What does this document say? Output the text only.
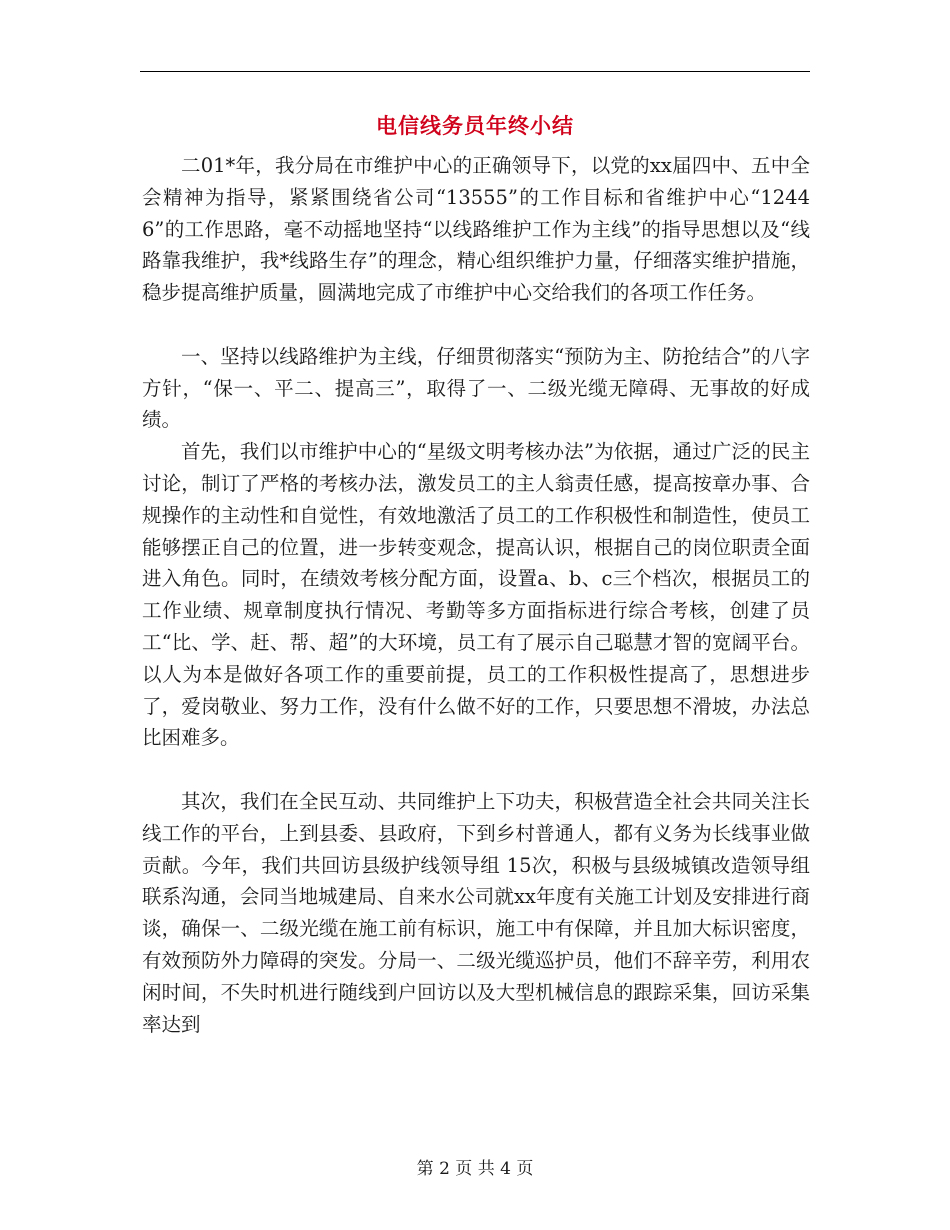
电信线务员年终小结

二01*年，我分局在市维护中心的正确领导下，以党的xx届四中、五中全会精神为指导，紧紧围绕省公司“13555”的工作目标和省维护中心“12446”的工作思路，毫不动摇地坚持“以线路维护工作为主线”的指导思想以及“线路靠我维护，我*线路生存”的理念，精心组织维护力量，仔细落实维护措施，稳步提高维护质量，圆满地完成了市维护中心交给我们的各项工作任务。

一、坚持以线路维护为主线，仔细贯彻落实“预防为主、防抢结合”的八字方针，“保一、平二、提高三”，取得了一、二级光缆无障碍、无事故的好成绩。

首先，我们以市维护中心的“星级文明考核办法”为依据，通过广泛的民主讨论，制订了严格的考核办法，激发员工的主人翁责任感，提高按章办事、合规操作的主动性和自觉性，有效地激活了员工的工作积极性和制造性，使员工能够摆正自己的位置，进一步转变观念，提高认识，根据自己的岗位职责全面进入角色。同时，在绩效考核分配方面，设置a、b、c三个档次，根据员工的工作业绩、规章制度执行情况、考勤等多方面指标进行综合考核，创建了员工“比、学、赶、帮、超”的大环境，员工有了展示自己聪慧才智的宽阔平台。以人为本是做好各项工作的重要前提，员工的工作积极性提高了，思想进步了，爱岗敬业、努力工作，没有什么做不好的工作，只要思想不滑坡，办法总比困难多。

其次，我们在全民互动、共同维护上下功夫，积极营造全社会共同关注长线工作的平台，上到县委、县政府，下到乡村普通人，都有义务为长线事业做贡献。今年，我们共回访县级护线领导组 15次，积极与县级城镇改造领导组联系沟通，会同当地城建局、自来水公司就xx年度有关施工计划及安排进行商谈，确保一、二级光缆在施工前有标识，施工中有保障，并且加大标识密度，有效预防外力障碍的突发。分局一、二级光缆巡护员，他们不辞辛劳，利用农闲时间，不失时机进行随线到户回访以及大型机械信息的跟踪采集，回访采集率达到

第 2 页 共 4 页
